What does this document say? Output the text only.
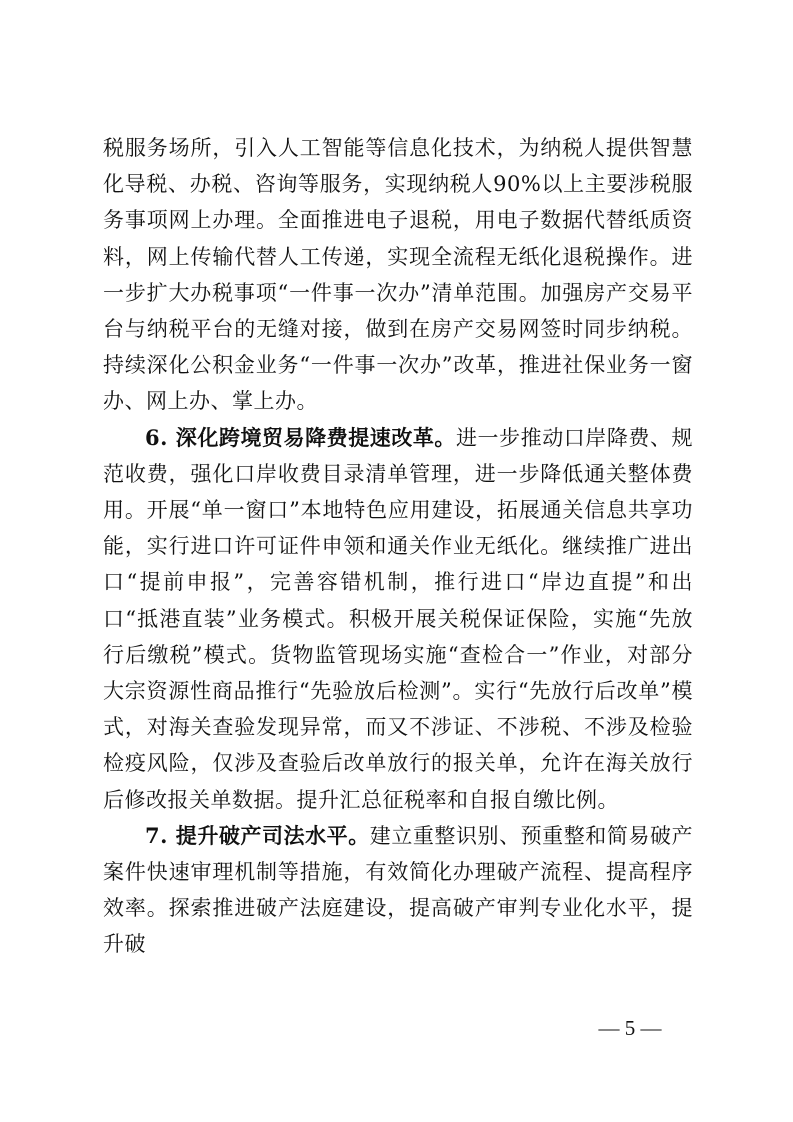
税服务场所，引入人工智能等信息化技术，为纳税人提供智慧化导税、办税、咨询等服务，实现纳税人90%以上主要涉税服务事项网上办理。全面推进电子退税，用电子数据代替纸质资料，网上传输代替人工传递，实现全流程无纸化退税操作。进一步扩大办税事项“一件事一次办”清单范围。加强房产交易平台与纳税平台的无缝对接，做到在房产交易网签时同步纳税。持续深化公积金业务“一件事一次办”改革，推进社保业务一窗办、网上办、掌上办。

6. 深化跨境贸易降费提速改革。进一步推动口岸降费、规范收费，强化口岸收费目录清单管理，进一步降低通关整体费用。开展“单一窗口”本地特色应用建设，拓展通关信息共享功能，实行进口许可证件申领和通关作业无纸化。继续推广进出口“提前申报”，完善容错机制，推行进口“岸边直提”和出口“抵港直装”业务模式。积极开展关税保证保险，实施“先放行后缴税”模式。货物监管现场实施“查检合一”作业，对部分大宗资源性商品推行“先验放后检测”。实行“先放行后改单”模式，对海关查验发现异常，而又不涉证、不涉税、不涉及检验检疫风险，仅涉及查验后改单放行的报关单，允许在海关放行后修改报关单数据。提升汇总征税率和自报自缴比例。

7. 提升破产司法水平。建立重整识别、预重整和简易破产案件快速审理机制等措施，有效简化办理破产流程、提高程序效率。探索推进破产法庭建设，提高破产审判专业化水平，提升破

— 5 —
